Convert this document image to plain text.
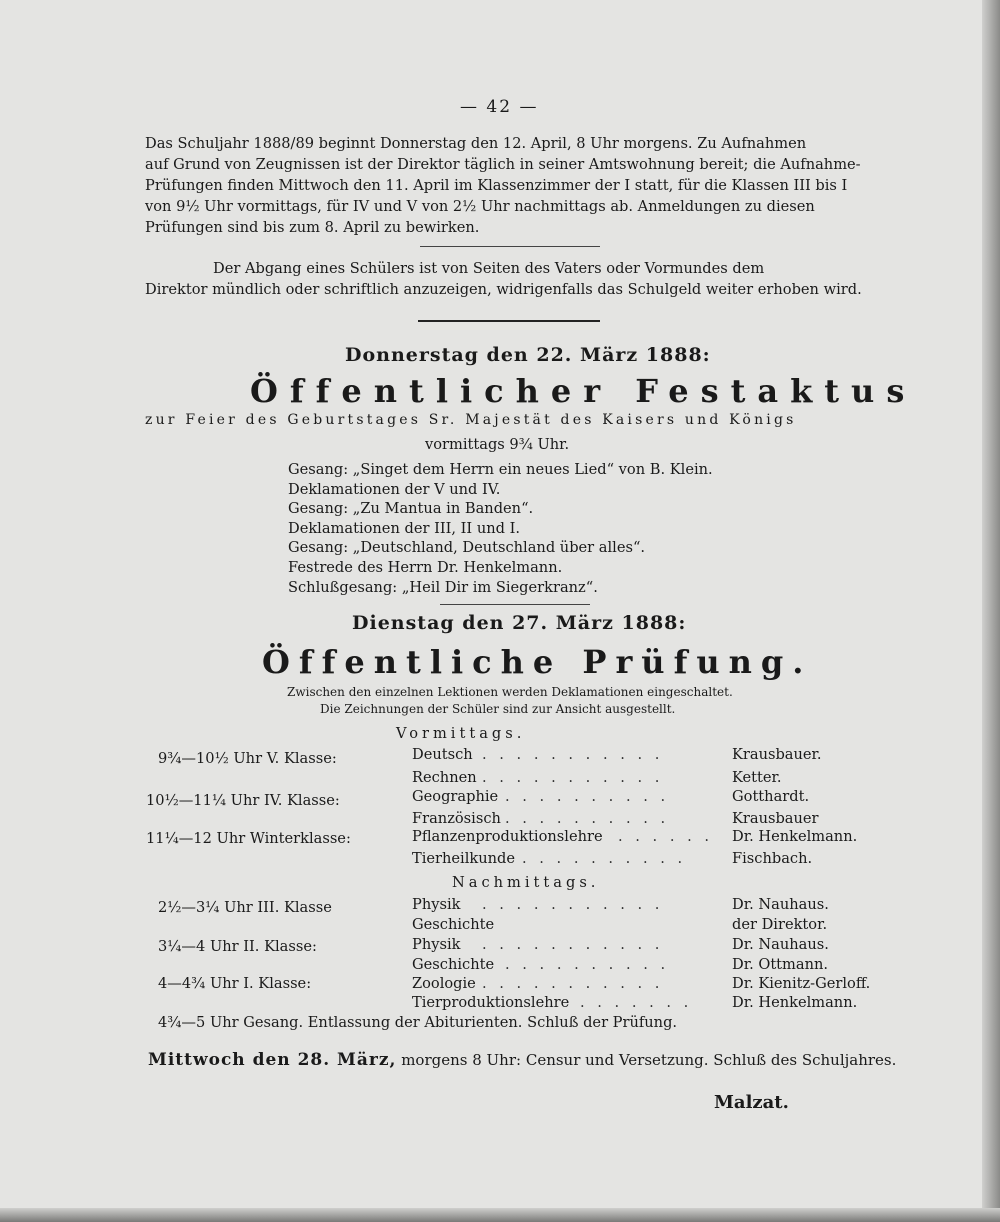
— 42 —
Das Schuljahr 1888/89 beginnt Donnerstag den 12. April, 8 Uhr morgens. Zu Aufnahmen
auf Grund von Zeugnissen ist der Direktor täglich in seiner Amtswohnung bereit; die Aufnahme-
Prüfungen finden Mittwoch den 11. April im Klassenzimmer der I statt, für die Klassen III bis I
von 9½ Uhr vormittags, für IV und V von 2½ Uhr nachmittags ab. Anmeldungen zu diesen
Prüfungen sind bis zum 8. April zu bewirken.
Der Abgang eines Schülers ist von Seiten des Vaters oder Vormundes dem
Direktor mündlich oder schriftlich anzuzeigen, widrigenfalls das Schulgeld weiter erhoben wird.
Donnerstag den 22. März 1888:
Öffentlicher Festaktus
zur Feier des Geburtstages Sr. Majestät des Kaisers und Königs
vormittags 9¾ Uhr.
Gesang: „Singet dem Herrn ein neues Lied“ von B. Klein.
Deklamationen der V und IV.
Gesang: „Zu Mantua in Banden“.
Deklamationen der III, II und I.
Gesang: „Deutschland, Deutschland über alles“.
Festrede des Herrn Dr. Henkelmann.
Schlußgesang: „Heil Dir im Siegerkranz“.
Dienstag den 27. März 1888:
Öffentliche Prüfung.
Zwischen den einzelnen Lektionen werden Deklamationen eingeschaltet.
Die Zeichnungen der Schüler sind zur Ansicht ausgestellt.
Vormittags.
9¾—10½ Uhr V. Klasse:	Deutsch . . . . . . . . . . .	Krausbauer.
Rechnen . . . . . . . . . . .	Ketter.
10½—11¼ Uhr IV. Klasse:	Geographie . . . . . . . . . .	Gotthardt.
Französisch . . . . . . . . . .	Krausbauer
11¼—12 Uhr Winterklasse:	Pflanzenproduktionslehre . . . . . . Dr. Henkelmann.
Tierheilkunde . . . . . . . . . .	Fischbach.
Nachmittags.
2½—3¼ Uhr III. Klasse	Physik . . . . . . . . . . .	Dr. Nauhaus.
Geschichte	der Direktor.
3¼—4 Uhr II. Klasse:	Physik . . . . . . . . . . .	Dr. Nauhaus.
Geschichte . . . . . . . . . .	Dr. Ottmann.
4—4¾ Uhr I. Klasse:	Zoologie . . . . . . . . . . .	Dr. Kienitz-Gerloff.
Tierproduktionslehre . . . . . . .	Dr. Henkelmann.
4¾—5 Uhr Gesang. Entlassung der Abiturienten. Schluß der Prüfung.
Mittwoch den 28. März, morgens 8 Uhr: Censur und Versetzung. Schluß des Schuljahres.
Malzat.
